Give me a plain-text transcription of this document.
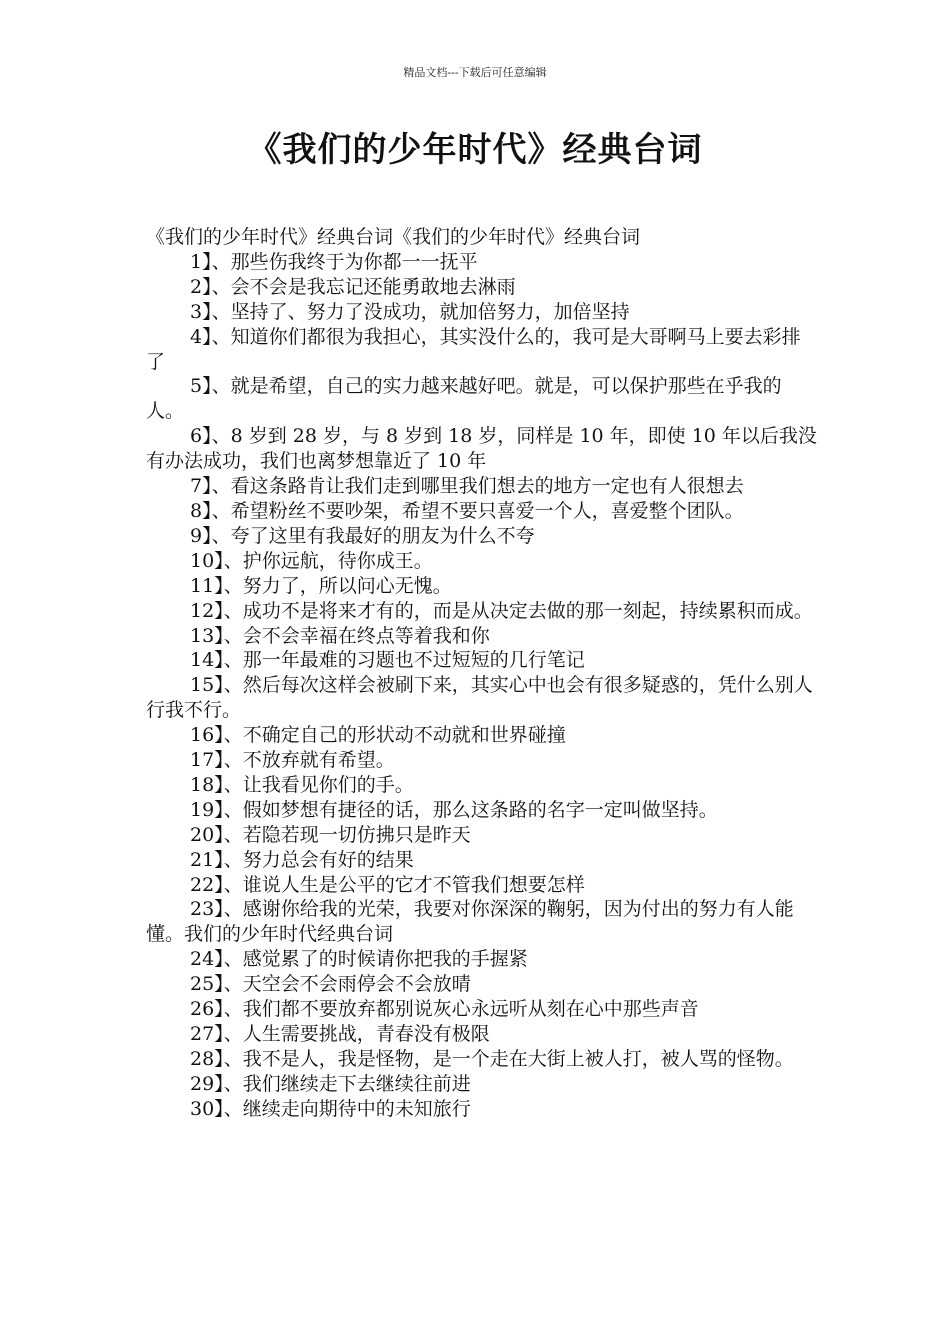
精品文档---下载后可任意编辑
《我们的少年时代》经典台词

《我们的少年时代》经典台词《我们的少年时代》经典台词

1】、那些伤我终于为你都一一抚平
2】、会不会是我忘记还能勇敢地去淋雨
3】、坚持了、努力了没成功，就加倍努力，加倍坚持
4】、知道你们都很为我担心，其实没什么的，我可是大哥啊马上要去彩排了
5】、就是希望，自己的实力越来越好吧。就是，可以保护那些在乎我的人。
6】、8 岁到 28 岁，与 8 岁到 18 岁，同样是 10 年，即使 10 年以后我没有办法成功，我们也离梦想靠近了 10 年
7】、看这条路肯让我们走到哪里我们想去的地方一定也有人很想去
8】、希望粉丝不要吵架，希望不要只喜爱一个人，喜爱整个团队。
9】、夸了这里有我最好的朋友为什么不夸
10】、护你远航，待你成王。
11】、努力了，所以问心无愧。
12】、成功不是将来才有的，而是从决定去做的那一刻起，持续累积而成。
13】、会不会幸福在终点等着我和你
14】、那一年最难的习题也不过短短的几行笔记
15】、然后每次这样会被刷下来，其实心中也会有很多疑惑的，凭什么别人行我不行。
16】、不确定自己的形状动不动就和世界碰撞
17】、不放弃就有希望。
18】、让我看见你们的手。
19】、假如梦想有捷径的话，那么这条路的名字一定叫做坚持。
20】、若隐若现一切仿拂只是昨天
21】、努力总会有好的结果
22】、谁说人生是公平的它才不管我们想要怎样
23】、感谢你给我的光荣，我要对你深深的鞠躬，因为付出的努力有人能懂。我们的少年时代经典台词
24】、感觉累了的时候请你把我的手握紧
25】、天空会不会雨停会不会放晴
26】、我们都不要放弃都别说灰心永远听从刻在心中那些声音
27】、人生需要挑战，青春没有极限
28】、我不是人，我是怪物，是一个走在大街上被人打，被人骂的怪物。
29】、我们继续走下去继续往前进
30】、继续走向期待中的未知旅行
